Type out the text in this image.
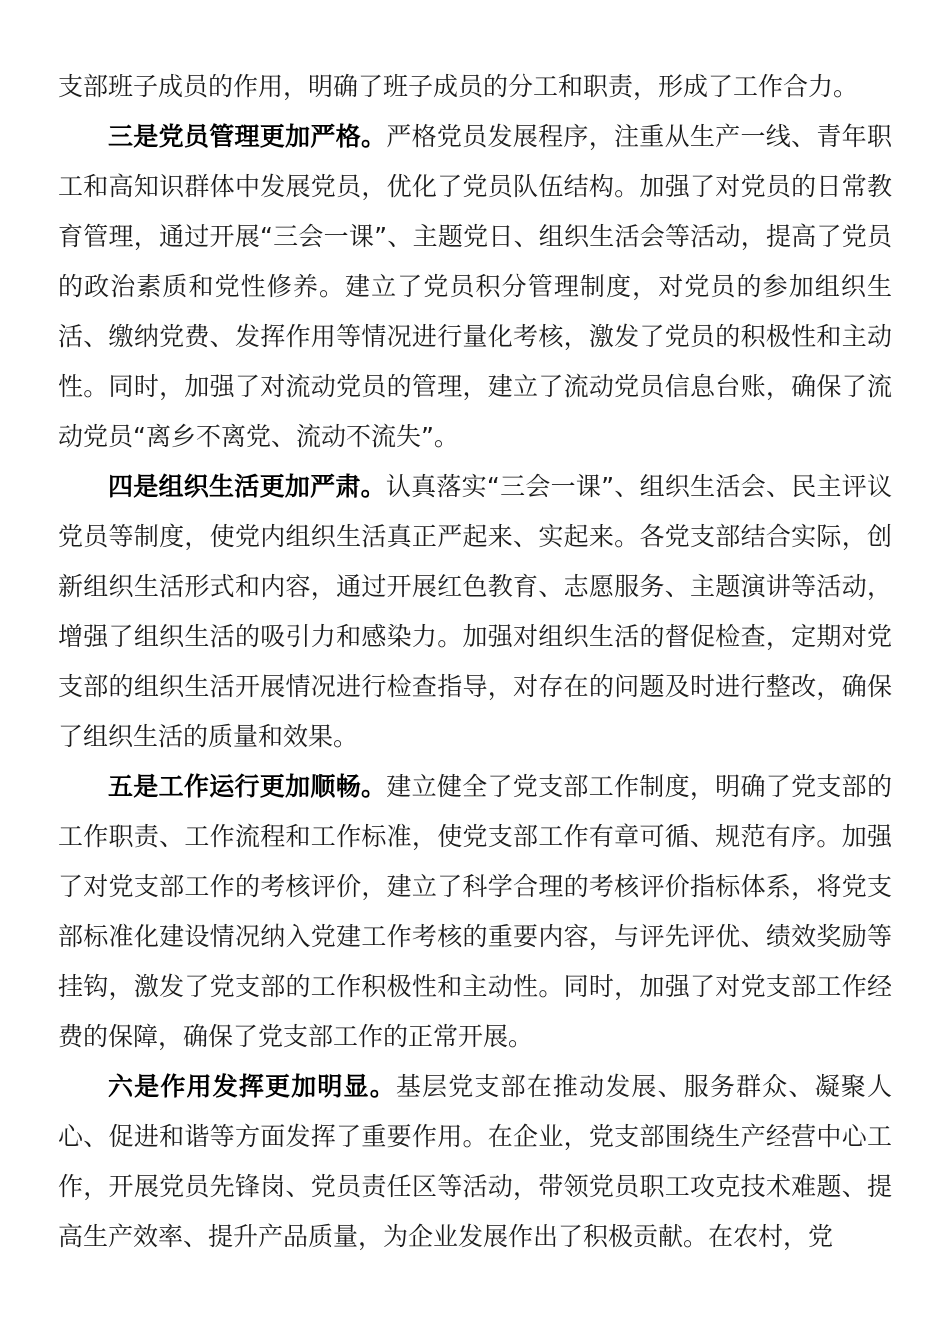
支部班子成员的作用，明确了班子成员的分工和职责，形成了工作合力。

三是党员管理更加严格。严格党员发展程序，注重从生产一线、青年职工和高知识群体中发展党员，优化了党员队伍结构。加强了对党员的日常教育管理，通过开展“三会一课”、主题党日、组织生活会等活动，提高了党员的政治素质和党性修养。建立了党员积分管理制度，对党员的参加组织生活、缴纳党费、发挥作用等情况进行量化考核，激发了党员的积极性和主动性。同时，加强了对流动党员的管理，建立了流动党员信息台账，确保了流动党员“离乡不离党、流动不流失”。

四是组织生活更加严肃。认真落实“三会一课”、组织生活会、民主评议党员等制度，使党内组织生活真正严起来、实起来。各党支部结合实际，创新组织生活形式和内容，通过开展红色教育、志愿服务、主题演讲等活动，增强了组织生活的吸引力和感染力。加强对组织生活的督促检查，定期对党支部的组织生活开展情况进行检查指导，对存在的问题及时进行整改，确保了组织生活的质量和效果。

五是工作运行更加顺畅。建立健全了党支部工作制度，明确了党支部的工作职责、工作流程和工作标准，使党支部工作有章可循、规范有序。加强了对党支部工作的考核评价，建立了科学合理的考核评价指标体系，将党支部标准化建设情况纳入党建工作考核的重要内容，与评先评优、绩效奖励等挂钩，激发了党支部的工作积极性和主动性。同时，加强了对党支部工作经费的保障，确保了党支部工作的正常开展。

六是作用发挥更加明显。基层党支部在推动发展、服务群众、凝聚人心、促进和谐等方面发挥了重要作用。在企业，党支部围绕生产经营中心工作，开展党员先锋岗、党员责任区等活动，带领党员职工攻克技术难题、提高生产效率、提升产品质量，为企业发展作出了积极贡献。在农村，党
